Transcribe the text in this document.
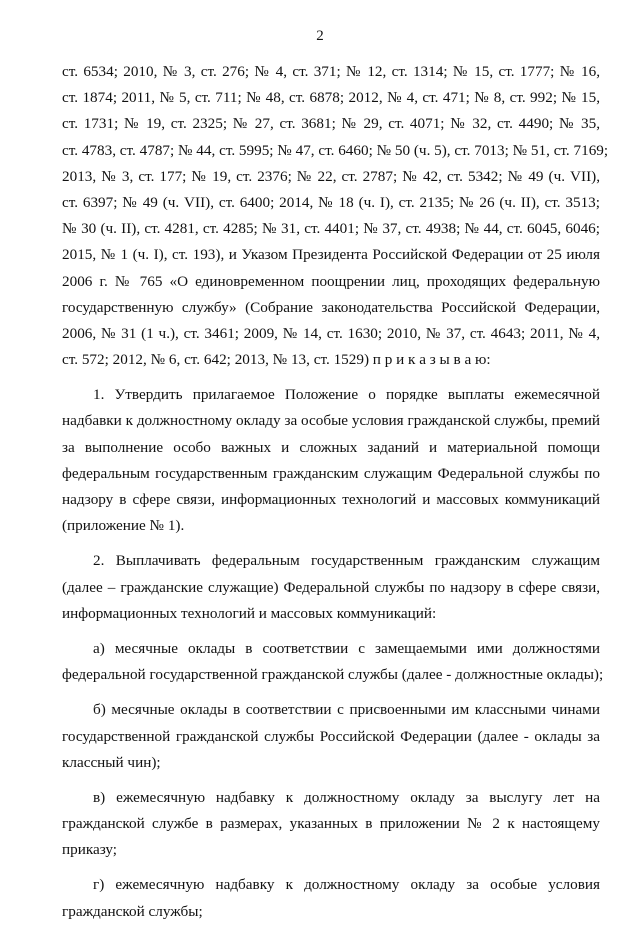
2
ст. 6534; 2010, № 3, ст. 276; № 4, ст. 371; № 12, ст. 1314; № 15, ст. 1777; № 16,
ст. 1874; 2011, № 5, ст. 711; № 48, ст. 6878; 2012, № 4, ст. 471; № 8, ст. 992; № 15,
ст. 1731; № 19, ст. 2325; № 27, ст. 3681; № 29, ст. 4071; № 32, ст. 4490; № 35,
ст. 4783, ст. 4787; № 44, ст. 5995; № 47, ст. 6460; № 50 (ч. 5), ст. 7013; № 51, ст. 7169;
2013, № 3, ст. 177; № 19, ст. 2376; № 22, ст. 2787; № 42, ст. 5342; № 49 (ч. VII),
ст. 6397; № 49 (ч. VII), ст. 6400; 2014, № 18 (ч. I), ст. 2135; № 26 (ч. II), ст. 3513;
№ 30 (ч. II), ст. 4281, ст. 4285; № 31, ст. 4401; № 37, ст. 4938; № 44, ст. 6045, 6046;
2015, № 1 (ч. I), ст. 193), и Указом Президента Российской Федерации от 25 июля
2006 г. № 765 «О единовременном поощрении лиц, проходящих федеральную
государственную службу» (Собрание законодательства Российской Федерации,
2006, № 31 (1 ч.), ст. 3461; 2009, № 14, ст. 1630; 2010, № 37, ст. 4643; 2011, № 4,
ст. 572; 2012, № 6, ст. 642; 2013, № 13, ст. 1529) п р и к а з ы в а ю:
1. Утвердить прилагаемое Положение о порядке выплаты ежемесячной
надбавки к должностному окладу за особые условия гражданской службы, премий
за выполнение особо важных и сложных заданий и материальной помощи
федеральным государственным гражданским служащим Федеральной службы по
надзору в сфере связи, информационных технологий и массовых коммуникаций
(приложение № 1).
2. Выплачивать федеральным государственным гражданским служащим
(далее – гражданские служащие) Федеральной службы по надзору в сфере связи,
информационных технологий и массовых коммуникаций:
а) месячные оклады в соответствии с замещаемыми ими должностями
федеральной государственной гражданской службы (далее - должностные оклады);
б) месячные оклады в соответствии с присвоенными им классными чинами
государственной гражданской службы Российской Федерации (далее - оклады за
классный чин);
в) ежемесячную надбавку к должностному окладу за выслугу лет на
гражданской службе в размерах, указанных в приложении № 2 к настоящему
приказу;
г) ежемесячную надбавку к должностному окладу за особые условия
гражданской службы;
